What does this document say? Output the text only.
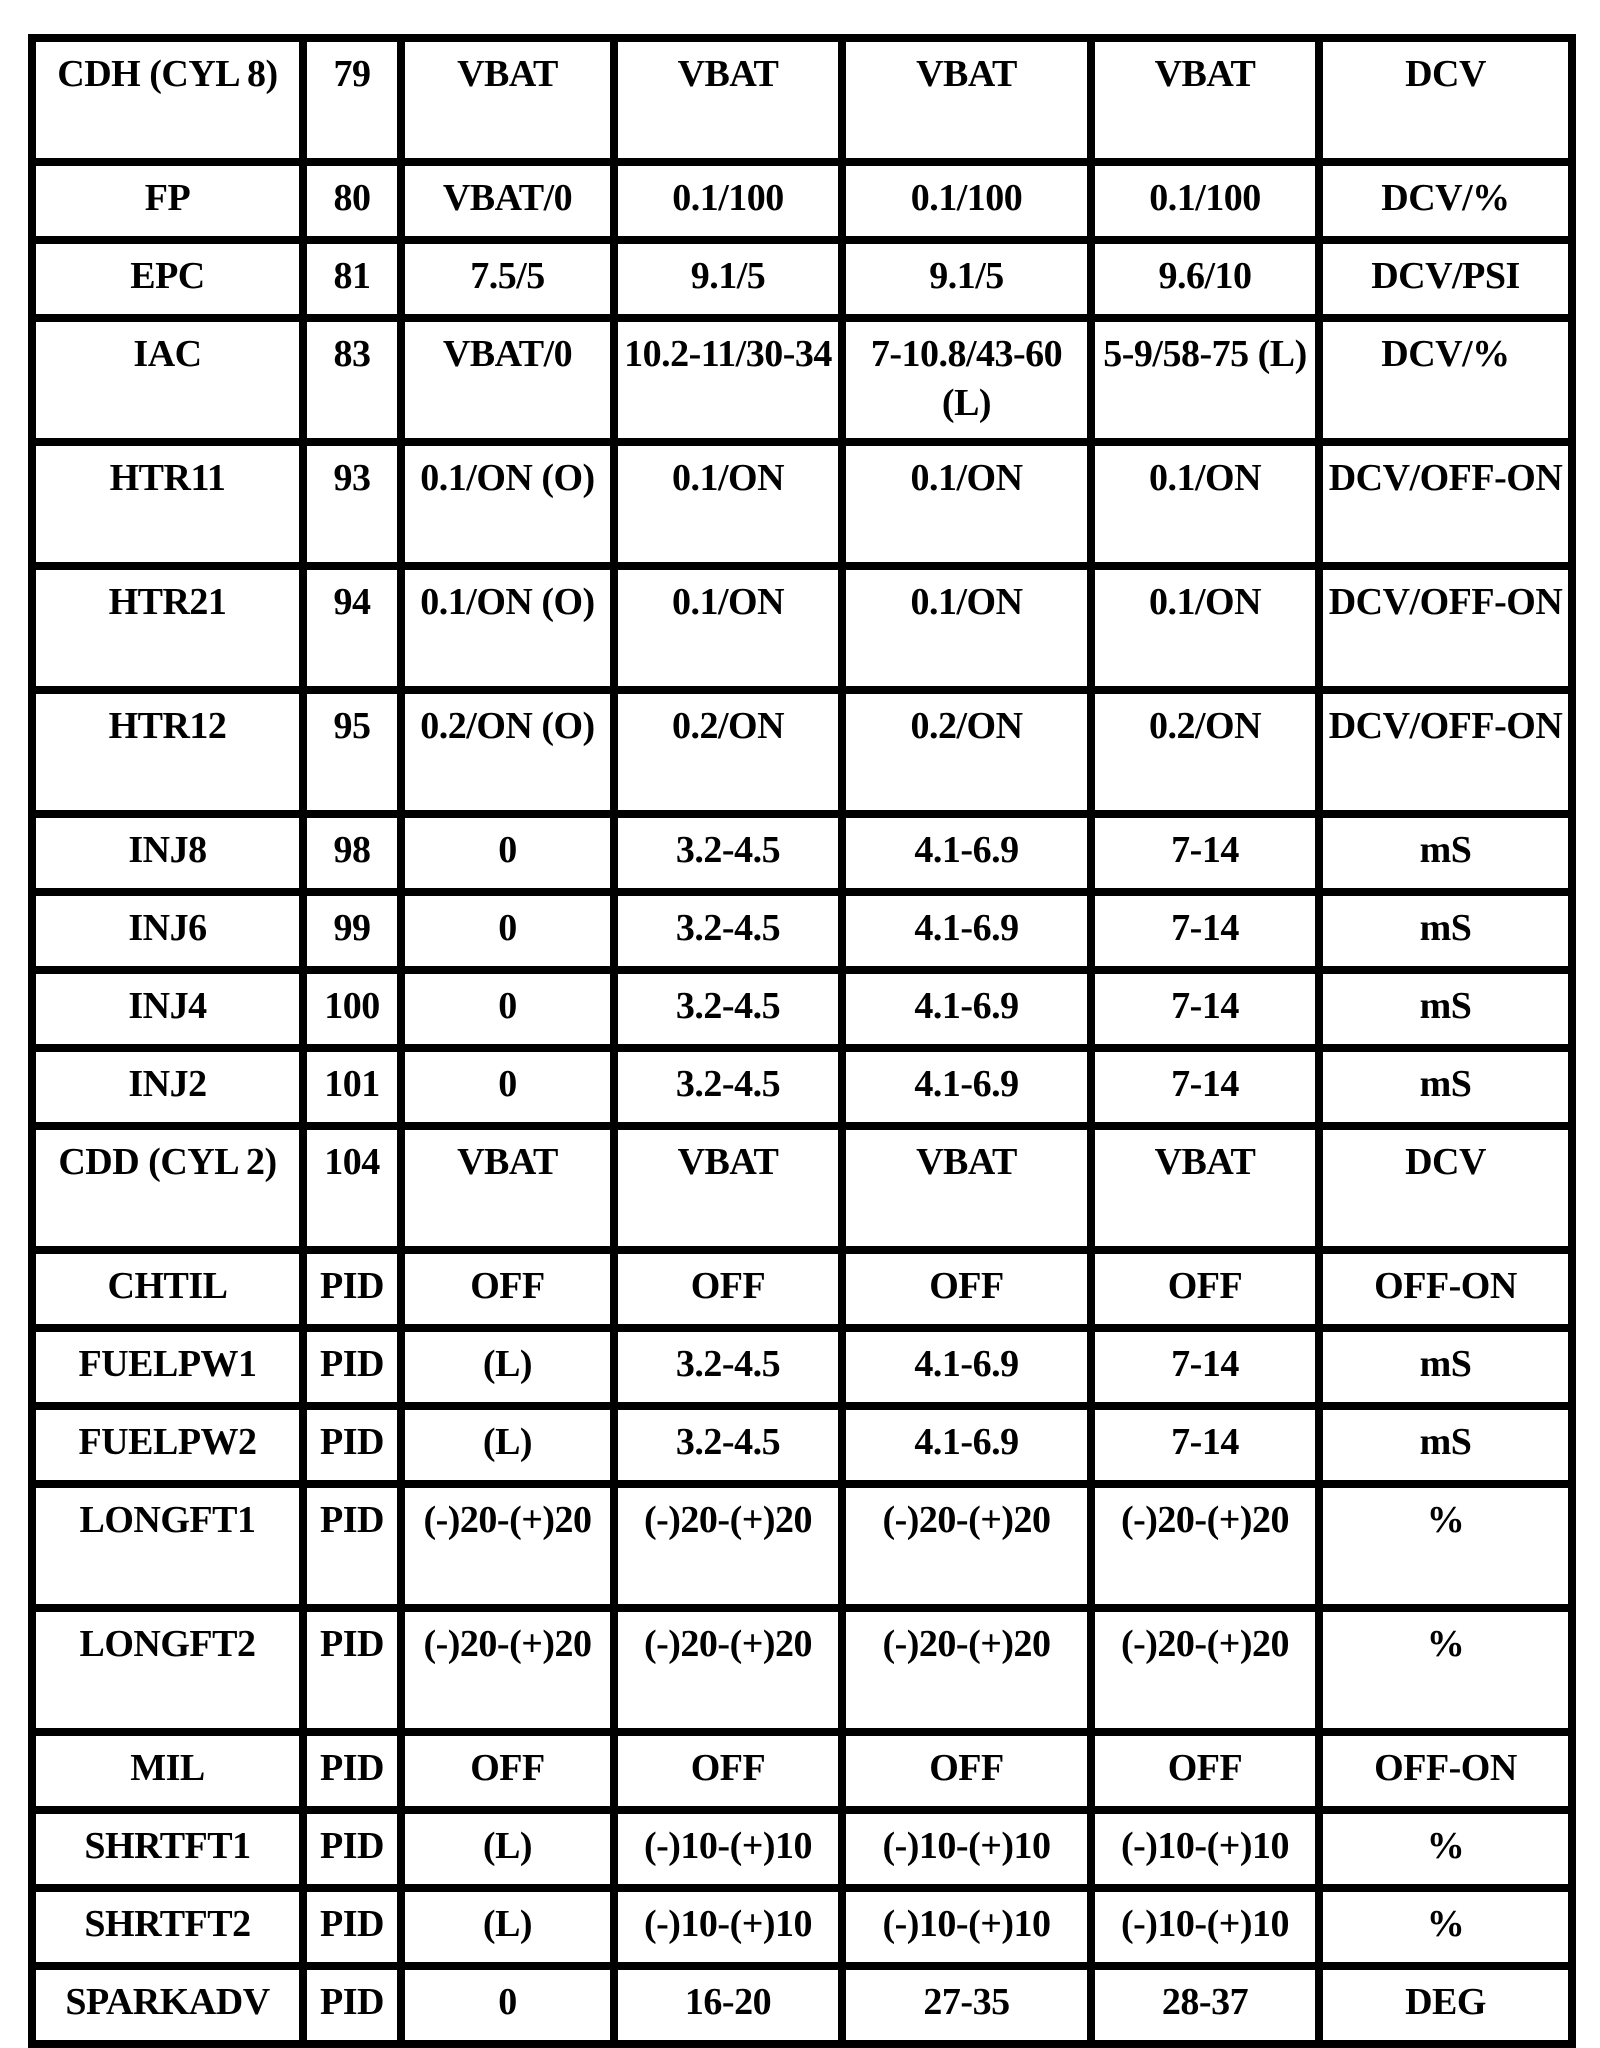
CDH (CYL 8)	79	VBAT	VBAT	VBAT	VBAT	DCV
FP	80	VBAT/0	0.1/100	0.1/100	0.1/100	DCV/%
EPC	81	7.5/5	9.1/5	9.1/5	9.6/10	DCV/PSI
IAC	83	VBAT/0	10.2-11/30-34	7-10.8/43-60 (L)	5-9/58-75 (L)	DCV/%
HTR11	93	0.1/ON (O)	0.1/ON	0.1/ON	0.1/ON	DCV/OFF-ON
HTR21	94	0.1/ON (O)	0.1/ON	0.1/ON	0.1/ON	DCV/OFF-ON
HTR12	95	0.2/ON (O)	0.2/ON	0.2/ON	0.2/ON	DCV/OFF-ON
INJ8	98	0	3.2-4.5	4.1-6.9	7-14	mS
INJ6	99	0	3.2-4.5	4.1-6.9	7-14	mS
INJ4	100	0	3.2-4.5	4.1-6.9	7-14	mS
INJ2	101	0	3.2-4.5	4.1-6.9	7-14	mS
CDD (CYL 2)	104	VBAT	VBAT	VBAT	VBAT	DCV
CHTIL	PID	OFF	OFF	OFF	OFF	OFF-ON
FUELPW1	PID	(L)	3.2-4.5	4.1-6.9	7-14	mS
FUELPW2	PID	(L)	3.2-4.5	4.1-6.9	7-14	mS
LONGFT1	PID	(-)20-(+)20	(-)20-(+)20	(-)20-(+)20	(-)20-(+)20	%
LONGFT2	PID	(-)20-(+)20	(-)20-(+)20	(-)20-(+)20	(-)20-(+)20	%
MIL	PID	OFF	OFF	OFF	OFF	OFF-ON
SHRTFT1	PID	(L)	(-)10-(+)10	(-)10-(+)10	(-)10-(+)10	%
SHRTFT2	PID	(L)	(-)10-(+)10	(-)10-(+)10	(-)10-(+)10	%
SPARKADV	PID	0	16-20	27-35	28-37	DEG
